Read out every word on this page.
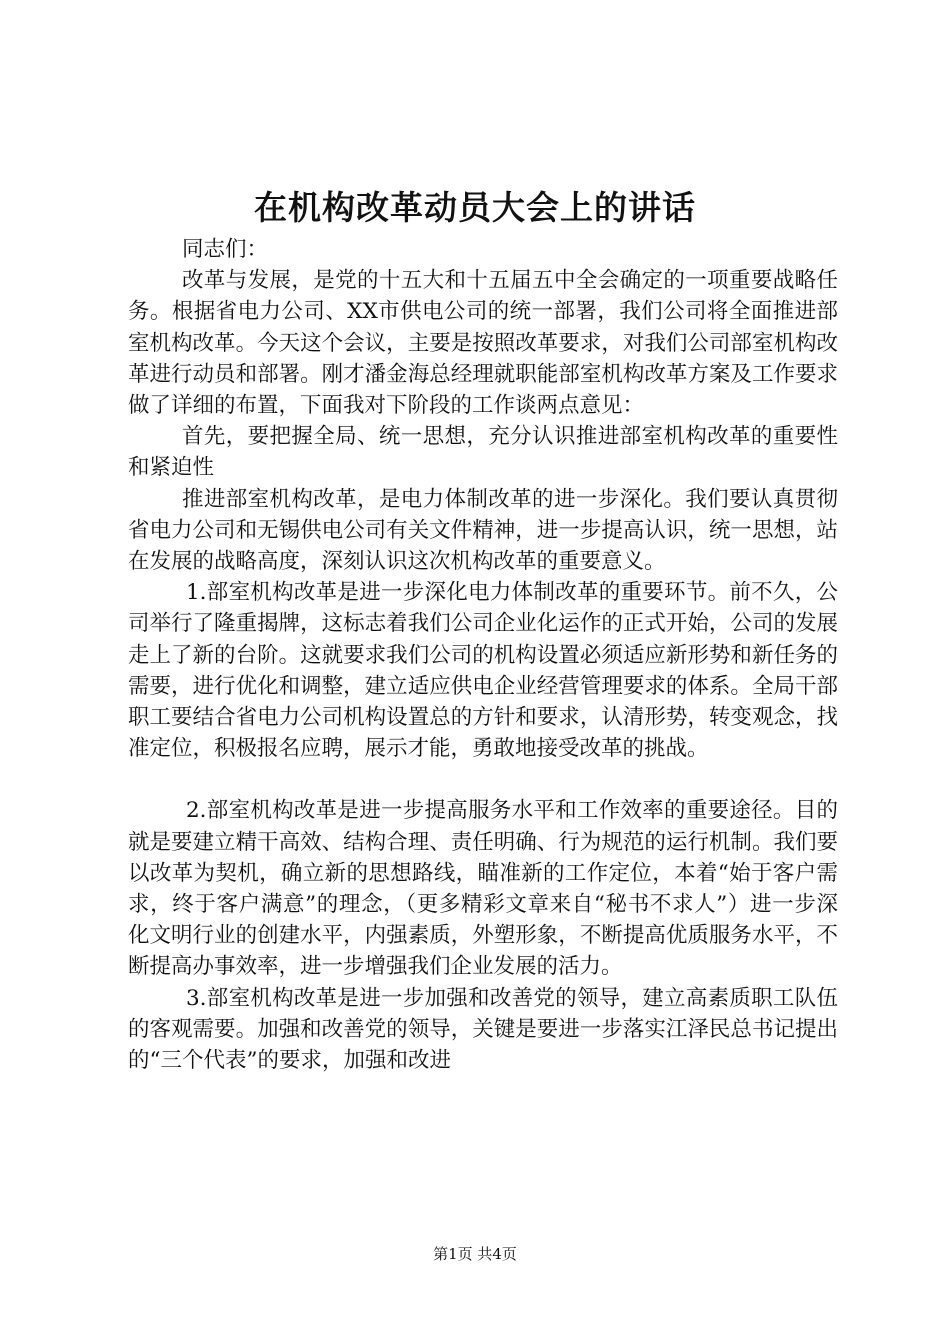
在机构改革动员大会上的讲话

同志们：

改革与发展，是党的十五大和十五届五中全会确定的一项重要战略任务。根据省电力公司、XX市供电公司的统一部署，我们公司将全面推进部室机构改革。今天这个会议，主要是按照改革要求，对我们公司部室机构改革进行动员和部署。刚才潘金海总经理就职能部室机构改革方案及工作要求做了详细的布置，下面我对下阶段的工作谈两点意见：

首先，要把握全局、统一思想，充分认识推进部室机构改革的重要性和紧迫性

推进部室机构改革，是电力体制改革的进一步深化。我们要认真贯彻省电力公司和无锡供电公司有关文件精神，进一步提高认识，统一思想，站在发展的战略高度，深刻认识这次机构改革的重要意义。

1.部室机构改革是进一步深化电力体制改革的重要环节。前不久，公司举行了隆重揭牌，这标志着我们公司企业化运作的正式开始，公司的发展走上了新的台阶。这就要求我们公司的机构设置必须适应新形势和新任务的需要，进行优化和调整，建立适应供电企业经营管理要求的体系。全局干部职工要结合省电力公司机构设置总的方针和要求，认清形势，转变观念，找准定位，积极报名应聘，展示才能，勇敢地接受改革的挑战。

2.部室机构改革是进一步提高服务水平和工作效率的重要途径。目的就是要建立精干高效、结构合理、责任明确、行为规范的运行机制。我们要以改革为契机，确立新的思想路线，瞄准新的工作定位，本着“始于客户需求，终于客户满意”的理念，（更多精彩文章来自“秘书不求人”）进一步深化文明行业的创建水平，内强素质，外塑形象，不断提高优质服务水平，不断提高办事效率，进一步增强我们企业发展的活力。

3.部室机构改革是进一步加强和改善党的领导，建立高素质职工队伍的客观需要。加强和改善党的领导，关键是要进一步落实江泽民总书记提出的“三个代表”的要求，加强和改进

第1页 共4页
